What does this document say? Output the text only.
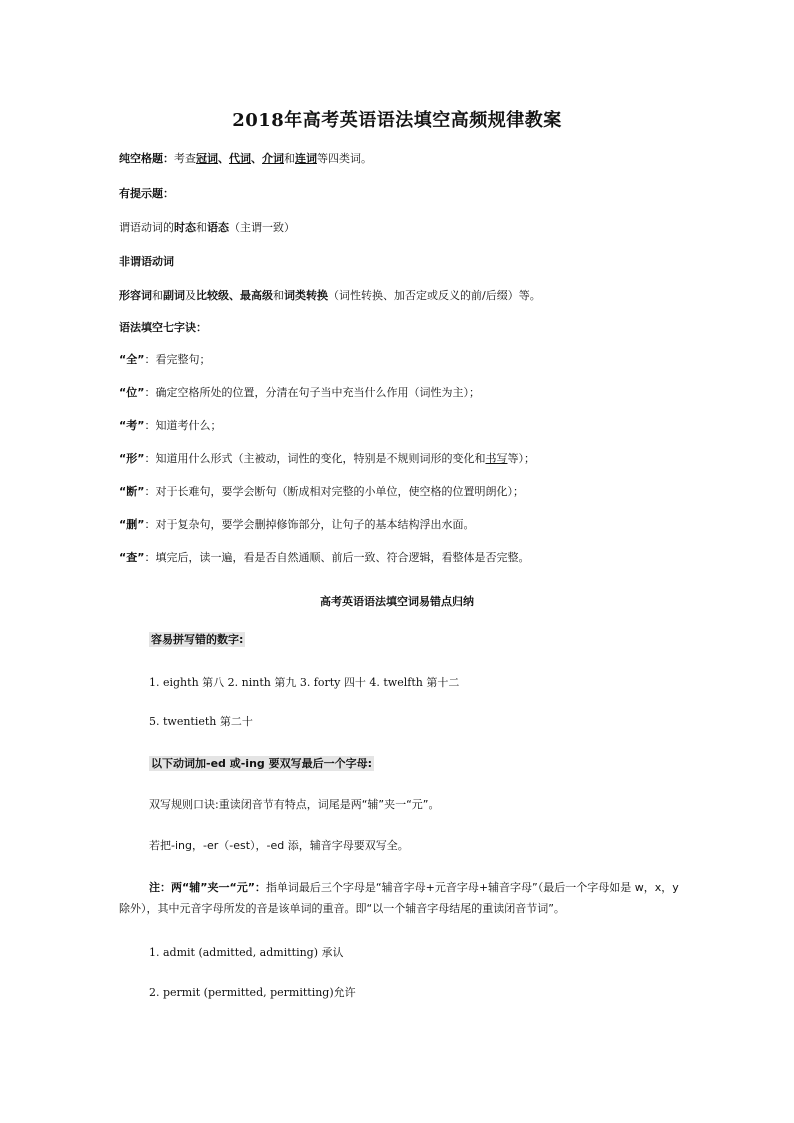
2018年高考英语语法填空高频规律教案
纯空格题：考查冠词、代词、介词和连词等四类词。
有提示题：
谓语动词的时态和语态（主谓一致）
非谓语动词
形容词和副词及比较级、最高级和词类转换（词性转换、加否定或反义的前/后缀）等。
语法填空七字诀：
“全”：看完整句；
“位”：确定空格所处的位置，分清在句子当中充当什么作用（词性为主）；
“考”：知道考什么；
“形”：知道用什么形式（主被动，词性的变化，特别是不规则词形的变化和书写等）；
“断”：对于长难句，要学会断句（断成相对完整的小单位，使空格的位置明朗化）；
“删”：对于复杂句，要学会删掉修饰部分，让句子的基本结构浮出水面。
“查”：填完后，读一遍，看是否自然通顺、前后一致、符合逻辑，看整体是否完整。
高考英语语法填空词易错点归纳
容易拼写错的数字:
1. eighth 第八 2. ninth 第九 3. forty 四十 4. twelfth 第十二
5. twentieth 第二十
以下动词加-ed 或-ing 要双写最后一个字母:
双写规则口诀:重读闭音节有特点，词尾是两“辅”夹一“元”。
若把-ing，-er（-est），-ed 添，辅音字母要双写全。
注：两“辅”夹一“元”：指单词最后三个字母是“辅音字母+元音字母+辅音字母”（最后一个字母如是 w，x，y 除外），其中元音字母所发的音是该单词的重音。即“以一个辅音字母结尾的重读闭音节词”。
1. admit (admitted, admitting) 承认
2. permit (permitted, permitting)允许
